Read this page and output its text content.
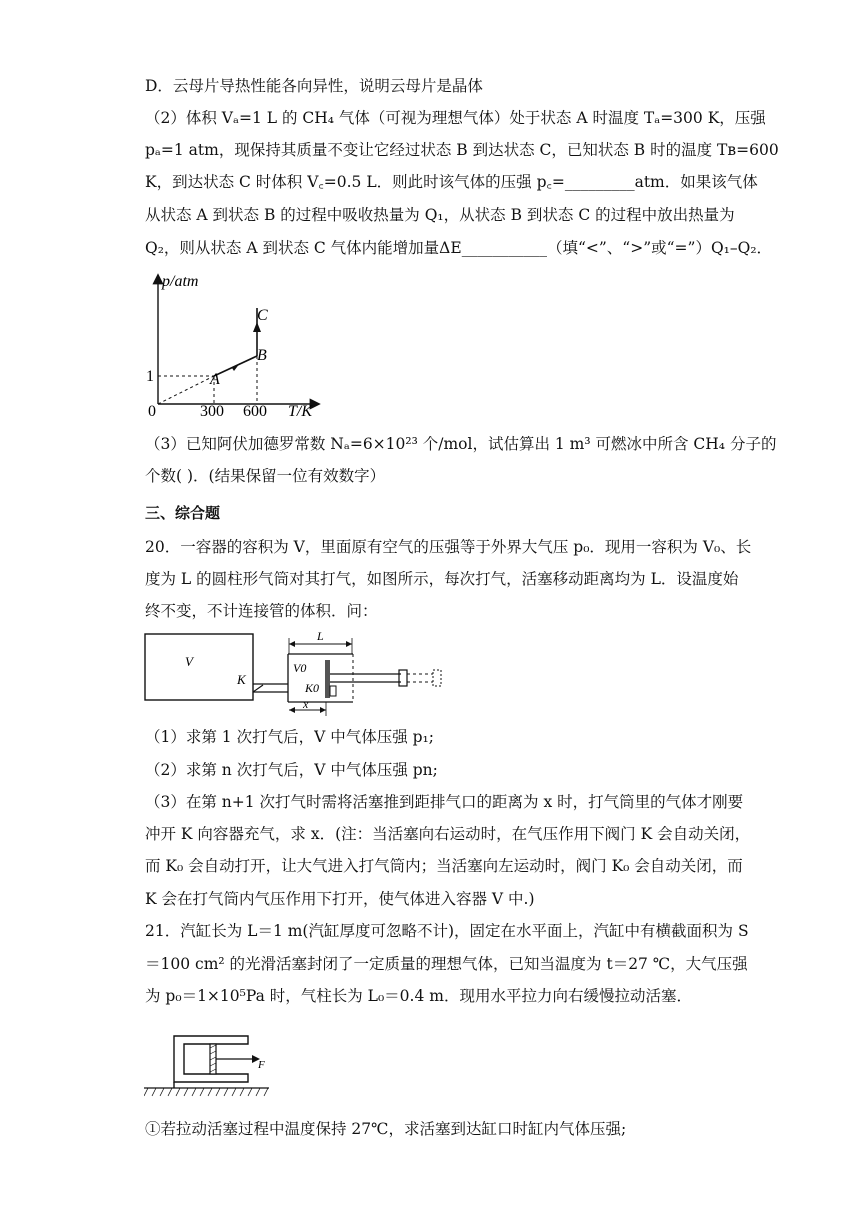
D．云母片导热性能各向异性，说明云母片是晶体
（2）体积 Vₐ=1 L 的 CH₄ 气体（可视为理想气体）处于状态 A 时温度 Tₐ=300 K，压强
pₐ=1 atm，现保持其质量不变让它经过状态 B 到达状态 C，已知状态 B 时的温度 Tʙ=600
K，到达状态 C 时体积 V꜀=0.5 L．则此时该气体的压强 p꜀=_________atm．如果该气体
从状态 A 到状态 B 的过程中吸收热量为 Q₁，从状态 B 到状态 C 的过程中放出热量为
Q₂，则从状态 A 到状态 C 气体内能增加量ΔE___________（填“<”、“>”或“=”）Q₁–Q₂．
p/atm
T/K
0
1
300 600
A
B
C
（3）已知阿伏加德罗常数 Nₐ=6×10²³ 个/mol，试估算出 1 m³ 可燃冰中所含 CH₄ 分子的
个数( )．(结果保留一位有效数字）
三、综合题
20．一容器的容积为 V，里面原有空气的压强等于外界大气压 p₀．现用一容积为 V₀、长
度为 L 的圆柱形气筒对其打气，如图所示，每次打气，活塞移动距离均为 L．设温度始
终不变，不计连接管的体积．问：
V
K
V0
K0
L
x
（1）求第 1 次打气后，V 中气体压强 p₁;
（2）求第 n 次打气后，V 中气体压强 pn;
（3）在第 n+1 次打气时需将活塞推到距排气口的距离为 x 时，打气筒里的气体才刚要
冲开 K 向容器充气，求 x．(注：当活塞向右运动时，在气压作用下阀门 K 会自动关闭，
而 K₀ 会自动打开，让大气进入打气筒内；当活塞向左运动时，阀门 K₀ 会自动关闭，而
K 会在打气筒内气压作用下打开，使气体进入容器 V 中.)
21．汽缸长为 L＝1 m(汽缸厚度可忽略不计)，固定在水平面上，汽缸中有横截面积为 S
＝100 cm² 的光滑活塞封闭了一定质量的理想气体，已知当温度为 t＝27 ℃，大气压强
为 p₀＝1×10⁵Pa 时，气柱长为 L₀＝0.4 m．现用水平拉力向右缓慢拉动活塞．
F
①若拉动活塞过程中温度保持 27℃，求活塞到达缸口时缸内气体压强;
